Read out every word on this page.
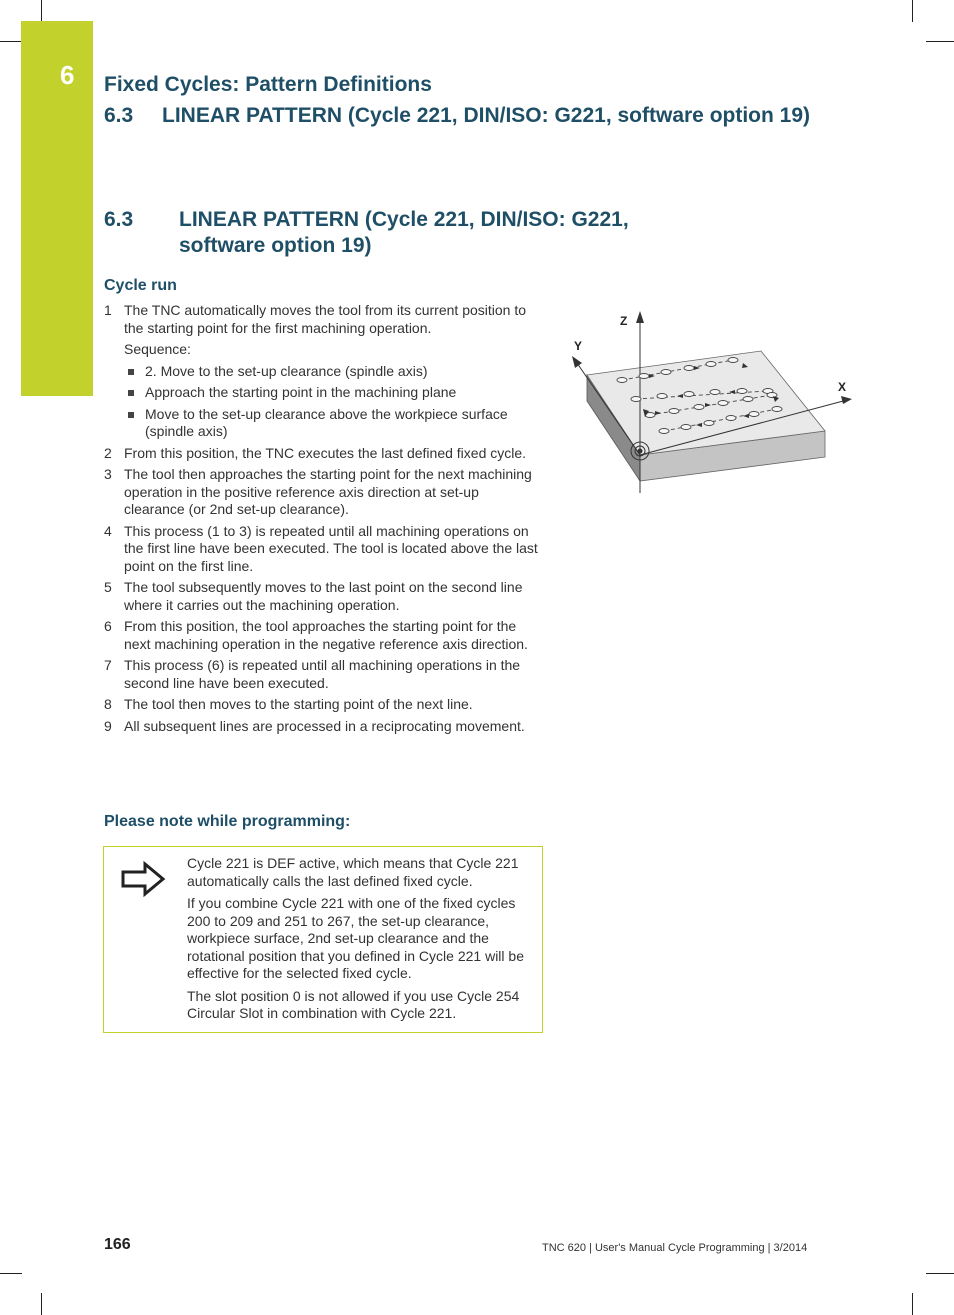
6 Fixed Cycles: Pattern Definitions
6.3 LINEAR PATTERN (Cycle 221, DIN/ISO: G221, software option 19)
6.3 LINEAR PATTERN (Cycle 221, DIN/ISO: G221, software option 19)
Cycle run
1 The TNC automatically moves the tool from its current position to the starting point for the first machining operation.

Sequence:

2. Move to the set-up clearance (spindle axis)
Approach the starting point in the machining plane
Move to the set-up clearance above the workpiece surface (spindle axis)
2 From this position, the TNC executes the last defined fixed cycle.
3 The tool then approaches the starting point for the next machining operation in the positive reference axis direction at set-up clearance (or 2nd set-up clearance).
4 This process (1 to 3) is repeated until all machining operations on the first line have been executed. The tool is located above the last point on the first line.
5 The tool subsequently moves to the last point on the second line where it carries out the machining operation.
6 From this position, the tool approaches the starting point for the next machining operation in the negative reference axis direction.
7 This process (6) is repeated until all machining operations in the second line have been executed.
8 The tool then moves to the starting point of the next line.
9 All subsequent lines are processed in a reciprocating movement.
Please note while programming:

Cycle 221 is DEF active, which means that Cycle 221 automatically calls the last defined fixed cycle.

If you combine Cycle 221 with one of the fixed cycles 200 to 209 and 251 to 267, the set-up clearance, workpiece surface, 2nd set-up clearance and the rotational position that you defined in Cycle 221 will be effective for the selected fixed cycle.

The slot position 0 is not allowed if you use Cycle 254 Circular Slot in combination with Cycle 221.

Z
Y
X
166	TNC 620 | User's Manual Cycle Programming | 3/2014
